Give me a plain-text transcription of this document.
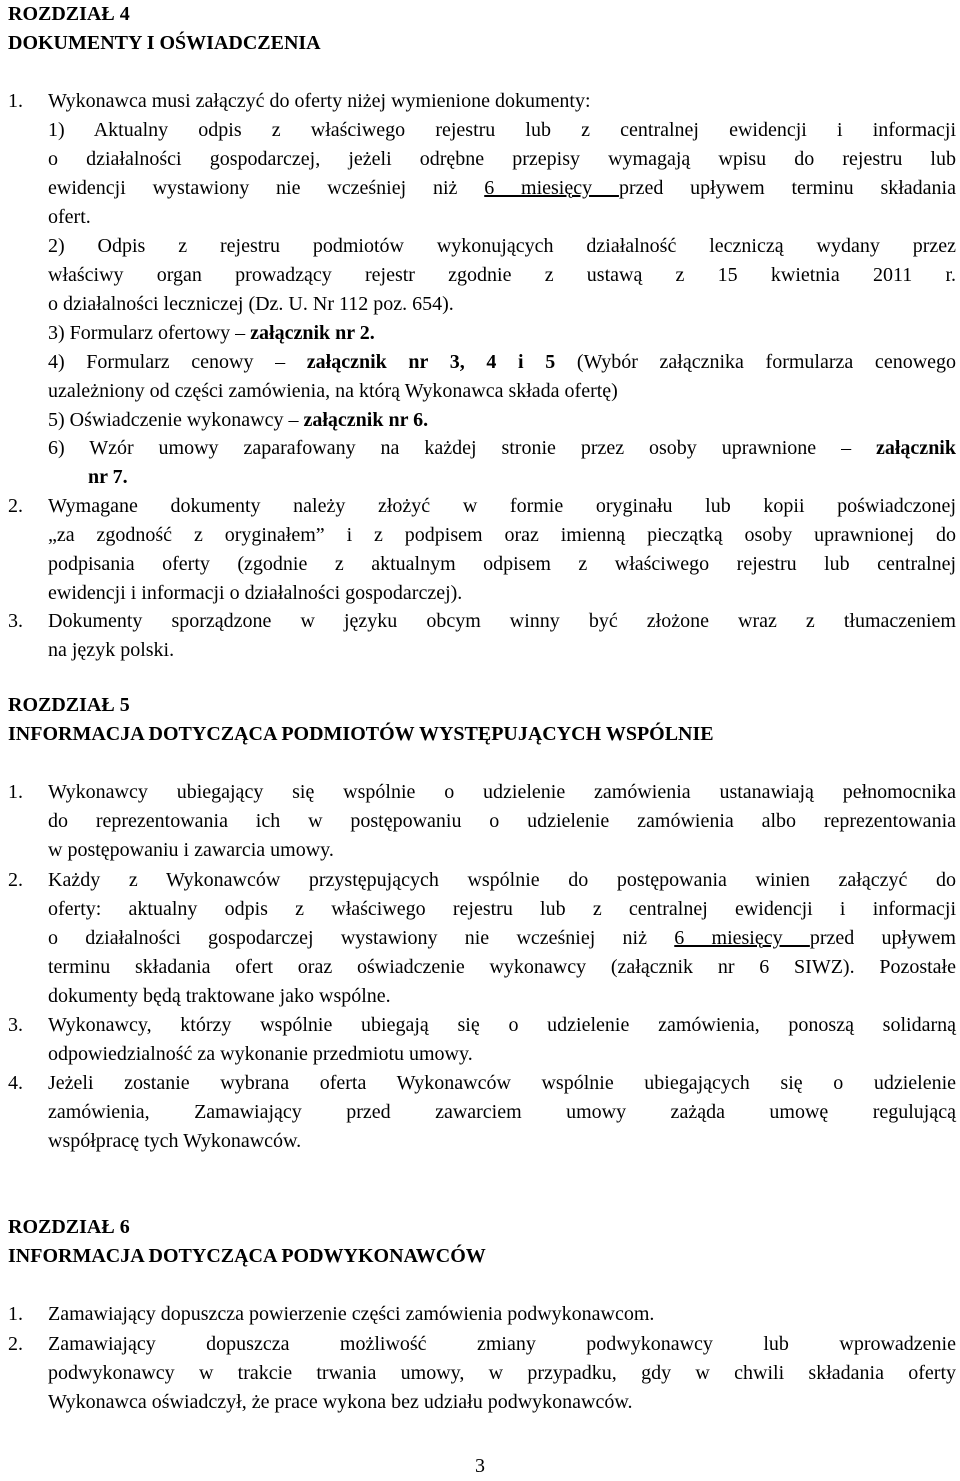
ROZDZIAŁ 4

DOKUMENTY I OŚWIADCZENIA

1.	Wykonawca musi załączyć do oferty niżej wymienione dokumenty:
1) Aktualny odpis z właściwego rejestru lub z centralnej ewidencji i informacji
o działalności gospodarczej, jeżeli odrębne przepisy wymagają wpisu do rejestru lub
ewidencji wystawiony nie wcześniej niż 6 miesięcy przed upływem terminu składania
ofert.
2) Odpis z rejestru podmiotów wykonujących działalność leczniczą wydany przez
właściwy organ prowadzący rejestr zgodnie z ustawą z 15 kwietnia 2011 r.
o działalności leczniczej (Dz. U. Nr 112 poz. 654).
3) Formularz ofertowy – załącznik nr 2.
4) Formularz cenowy – załącznik nr 3, 4 i 5 (Wybór załącznika formularza cenowego
uzależniony od części zamówienia, na którą Wykonawca składa ofertę)
5) Oświadczenie wykonawcy – załącznik nr 6.
6) Wzór umowy zaparafowany na każdej stronie przez osoby uprawnione – załącznik
nr 7.
2.	Wymagane dokumenty należy złożyć w formie oryginału lub kopii poświadczonej
„za zgodność z oryginałem” i z podpisem oraz imienną pieczątką osoby uprawnionej do
podpisania oferty (zgodnie z aktualnym odpisem z właściwego rejestru lub centralnej
ewidencji i informacji o działalności gospodarczej).
3.	Dokumenty sporządzone w języku obcym winny być złożone wraz z tłumaczeniem
na język polski.

ROZDZIAŁ 5

INFORMACJA DOTYCZĄCA PODMIOTÓW WYSTĘPUJĄCYCH WSPÓLNIE

1.	Wykonawcy ubiegający się wspólnie o udzielenie zamówienia ustanawiają pełnomocnika
do reprezentowania ich w postępowaniu o udzielenie zamówienia albo reprezentowania
w postępowaniu i zawarcia umowy.
2.	Każdy z Wykonawców przystępujących wspólnie do postępowania winien załączyć do
oferty: aktualny odpis z właściwego rejestru lub z centralnej ewidencji i informacji
o działalności gospodarczej wystawiony nie wcześniej niż 6 miesięcy przed upływem
terminu składania ofert oraz oświadczenie wykonawcy (załącznik nr 6 SIWZ). Pozostałe
dokumenty będą traktowane jako wspólne.
3.	Wykonawcy, którzy wspólnie ubiegają się o udzielenie zamówienia, ponoszą solidarną
odpowiedzialność za wykonanie przedmiotu umowy.
4.	Jeżeli zostanie wybrana oferta Wykonawców wspólnie ubiegających się o udzielenie
zamówienia, Zamawiający przed zawarciem umowy zażąda umowę regulującą
współpracę tych Wykonawców.

ROZDZIAŁ 6

INFORMACJA DOTYCZĄCA PODWYKONAWCÓW

1.	Zamawiający dopuszcza powierzenie części zamówienia podwykonawcom.
2.	Zamawiający dopuszcza możliwość zmiany podwykonawcy lub wprowadzenie
podwykonawcy w trakcie trwania umowy, w przypadku, gdy w chwili składania oferty
Wykonawca oświadczył, że prace wykona bez udziału podwykonawców.
3
